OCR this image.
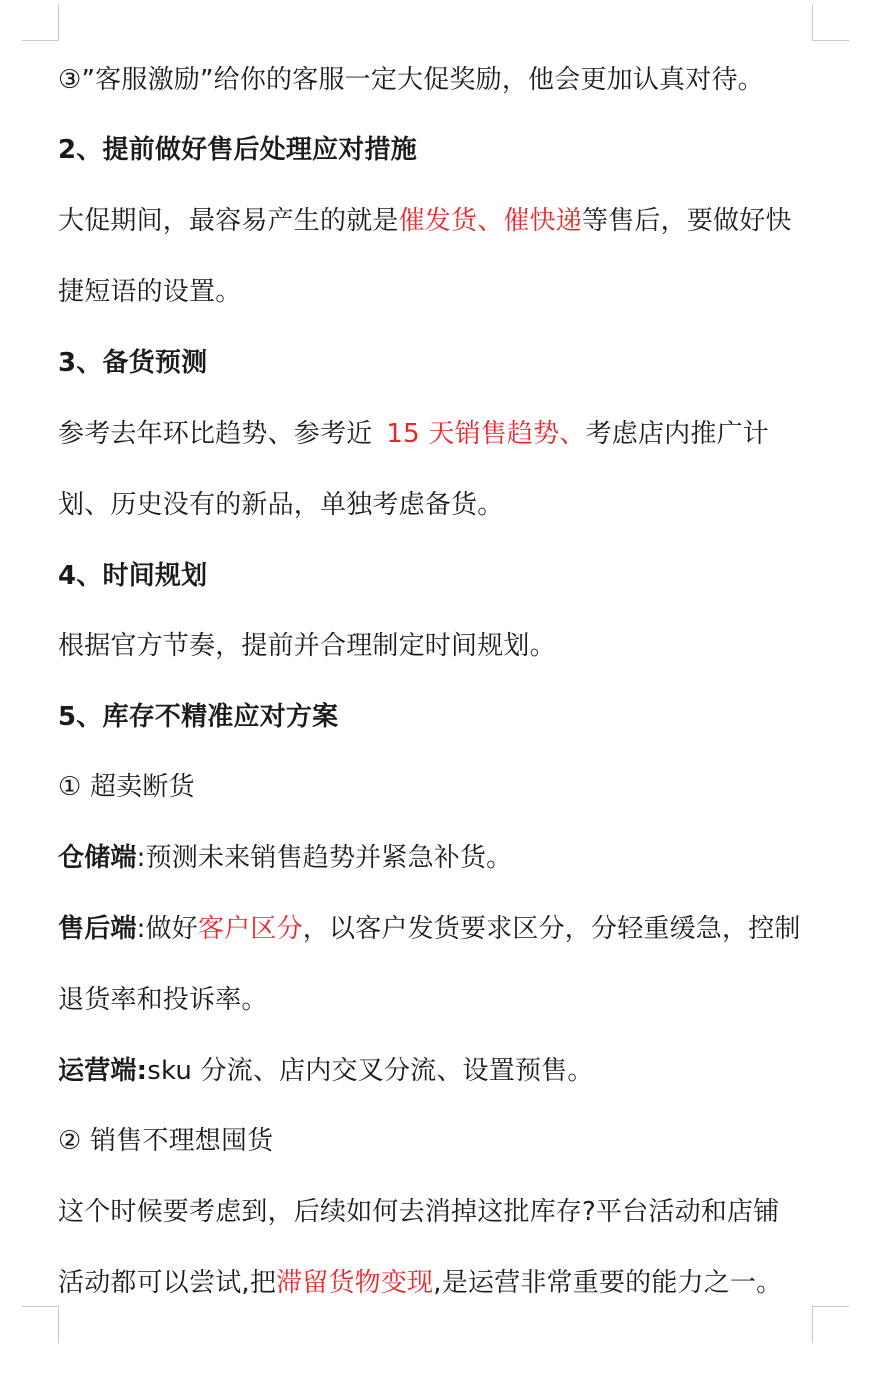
③”客服激励”给你的客服一定大促奖励，他会更加认真对待。
2、提前做好售后处理应对措施
大促期间，最容易产生的就是催发货、催快递等售后，要做好快
捷短语的设置。
3、备货预测
参考去年环比趋势、参考近 15 天销售趋势、考虑店内推广计
划、历史没有的新品，单独考虑备货。
4、时间规划
根据官方节奏，提前并合理制定时间规划。
5、库存不精准应对方案
① 超卖断货
仓储端:预测未来销售趋势并紧急补货。
售后端:做好客户区分，以客户发货要求区分，分轻重缓急，控制
退货率和投诉率。
运营端:sku 分流、店内交叉分流、设置预售。
② 销售不理想囤货
这个时候要考虑到，后续如何去消掉这批库存?平台活动和店铺
活动都可以尝试,把滞留货物变现,是运营非常重要的能力之一。
